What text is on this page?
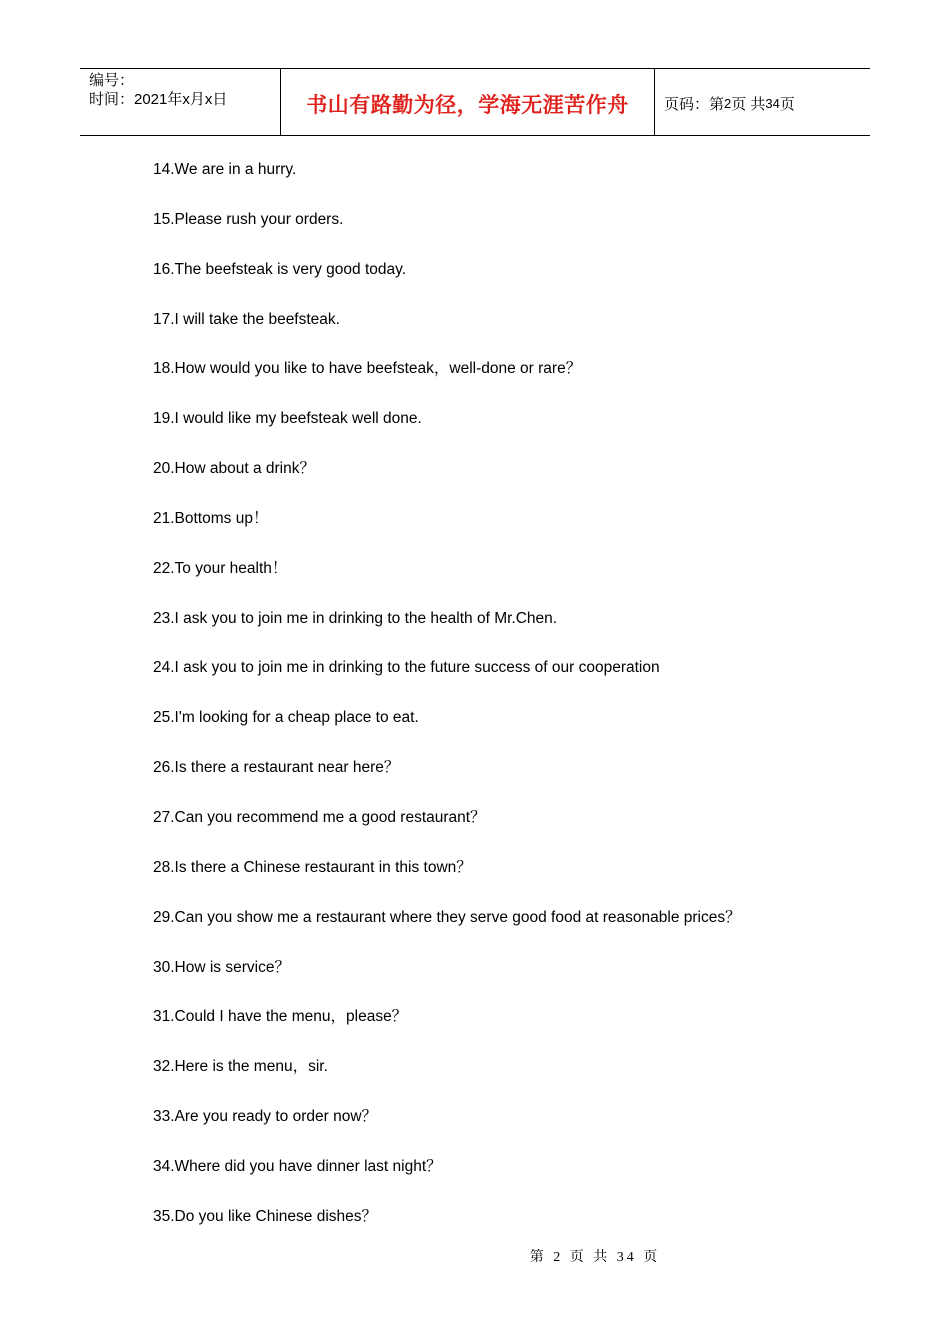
编号：
时间：2021年x月x日	书山有路勤为径，学海无涯苦作舟	页码：第 2 页 共 34 页
14.We are in a hurry.
15.Please rush your orders.
16.The beefsteak is very good today.
17.I will take the beefsteak.
18.How would you like to have beefsteak，well-done or rare？
19.I would like my beefsteak well done.
20.How about a drink？
21.Bottoms up！
22.To your health！
23.I ask you to join me in drinking to the health of Mr.Chen.
24.I ask you to join me in drinking to the future success of our cooperation
25.I'm looking for a cheap place to eat.
26.Is there a restaurant near here？
27.Can you recommend me a good restaurant？
28.Is there a Chinese restaurant in this town？
29.Can you show me a restaurant where they serve good food at reasonable prices？
30.How is service？
31.Could I have the menu，please？
32.Here is the menu，sir.
33.Are you ready to order now？
34.Where did you have dinner last night？
35.Do you like Chinese dishes？
第 2 页 共 34 页
